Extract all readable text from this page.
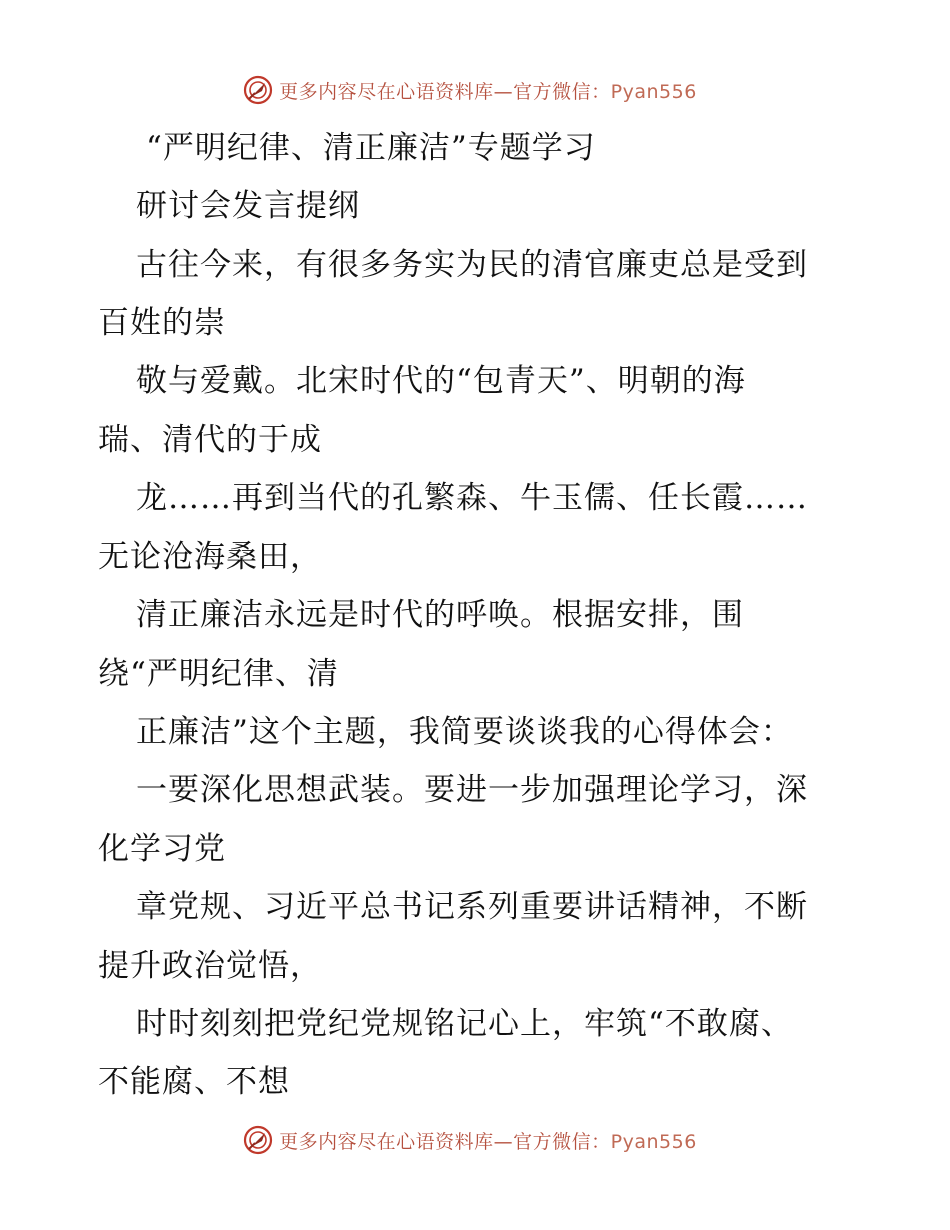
更多内容尽在心语资料库—官方微信：Pyan556
“严明纪律、清正廉洁”专题学习
研讨会发言提纲
古往今来，有很多务实为民的清官廉吏总是受到
百姓的崇
敬与爱戴。北宋时代的“包青天”、明朝的海
瑞、清代的于成
龙……再到当代的孔繁森、牛玉儒、任长霞……
无论沧海桑田，
清正廉洁永远是时代的呼唤。根据安排，围
绕“严明纪律、清
正廉洁”这个主题，我简要谈谈我的心得体会：
一要深化思想武装。要进一步加强理论学习，深
化学习党
章党规、习近平总书记系列重要讲话精神，不断
提升政治觉悟，
时时刻刻把党纪党规铭记心上，牢筑“不敢腐、
不能腐、不想
更多内容尽在心语资料库—官方微信：Pyan556
